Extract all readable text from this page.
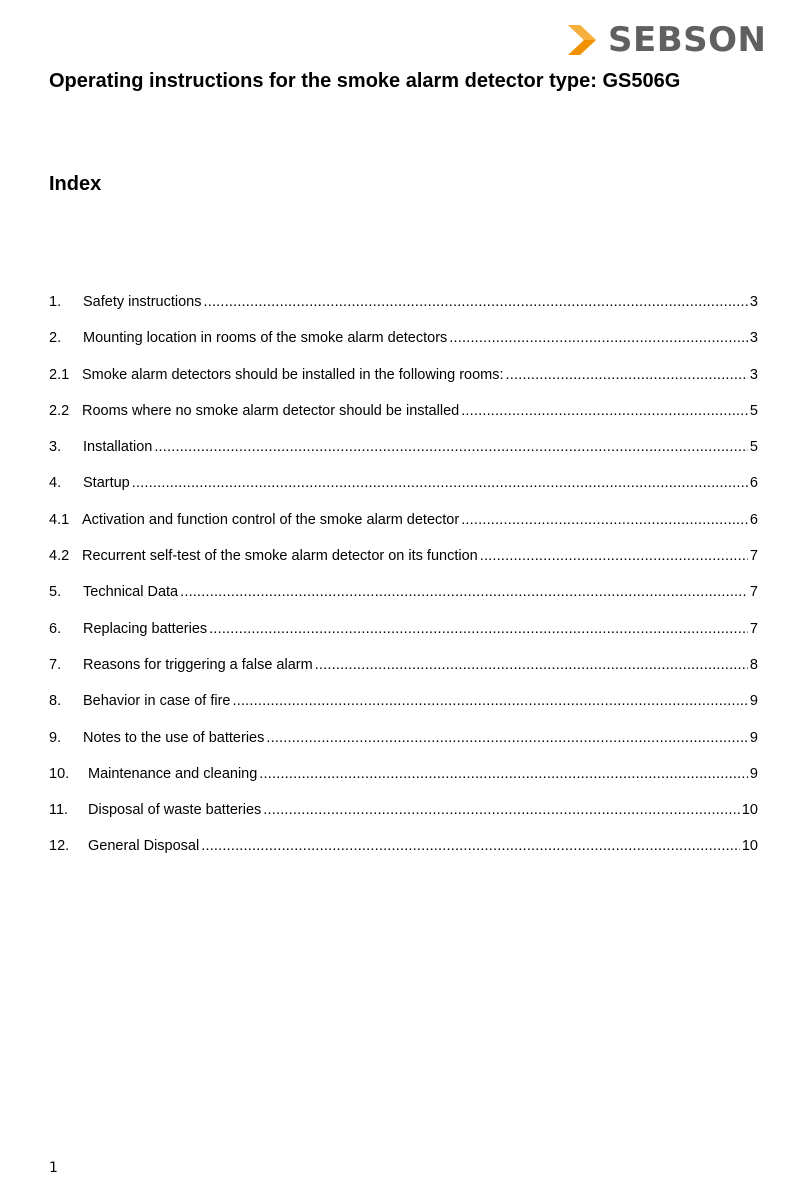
SEBSON
Operating instructions for the smoke alarm detector type: GS506G
Index
1.	Safety instructions .....	3
2.	Mounting location in rooms of the smoke alarm detectors .....	3
2.1 Smoke alarm detectors should be installed in the following rooms: .....	3
2.2 Rooms where no smoke alarm detector should be installed .....	5
3.	Installation .....	5
4.	Startup .....	6
4.1 Activation and function control of the smoke alarm detector .....	6
4.2 Recurrent self-test of the smoke alarm detector on its function .....	7
5.	Technical Data .....	7
6.	Replacing batteries .....	7
7.	Reasons for triggering a false alarm .....	8
8.	Behavior in case of fire .....	9
9.	Notes to the use of batteries .....	9
10.	Maintenance and cleaning .....	9
11.	Disposal of waste batteries .....	10
12.	General Disposal .....	10
1
